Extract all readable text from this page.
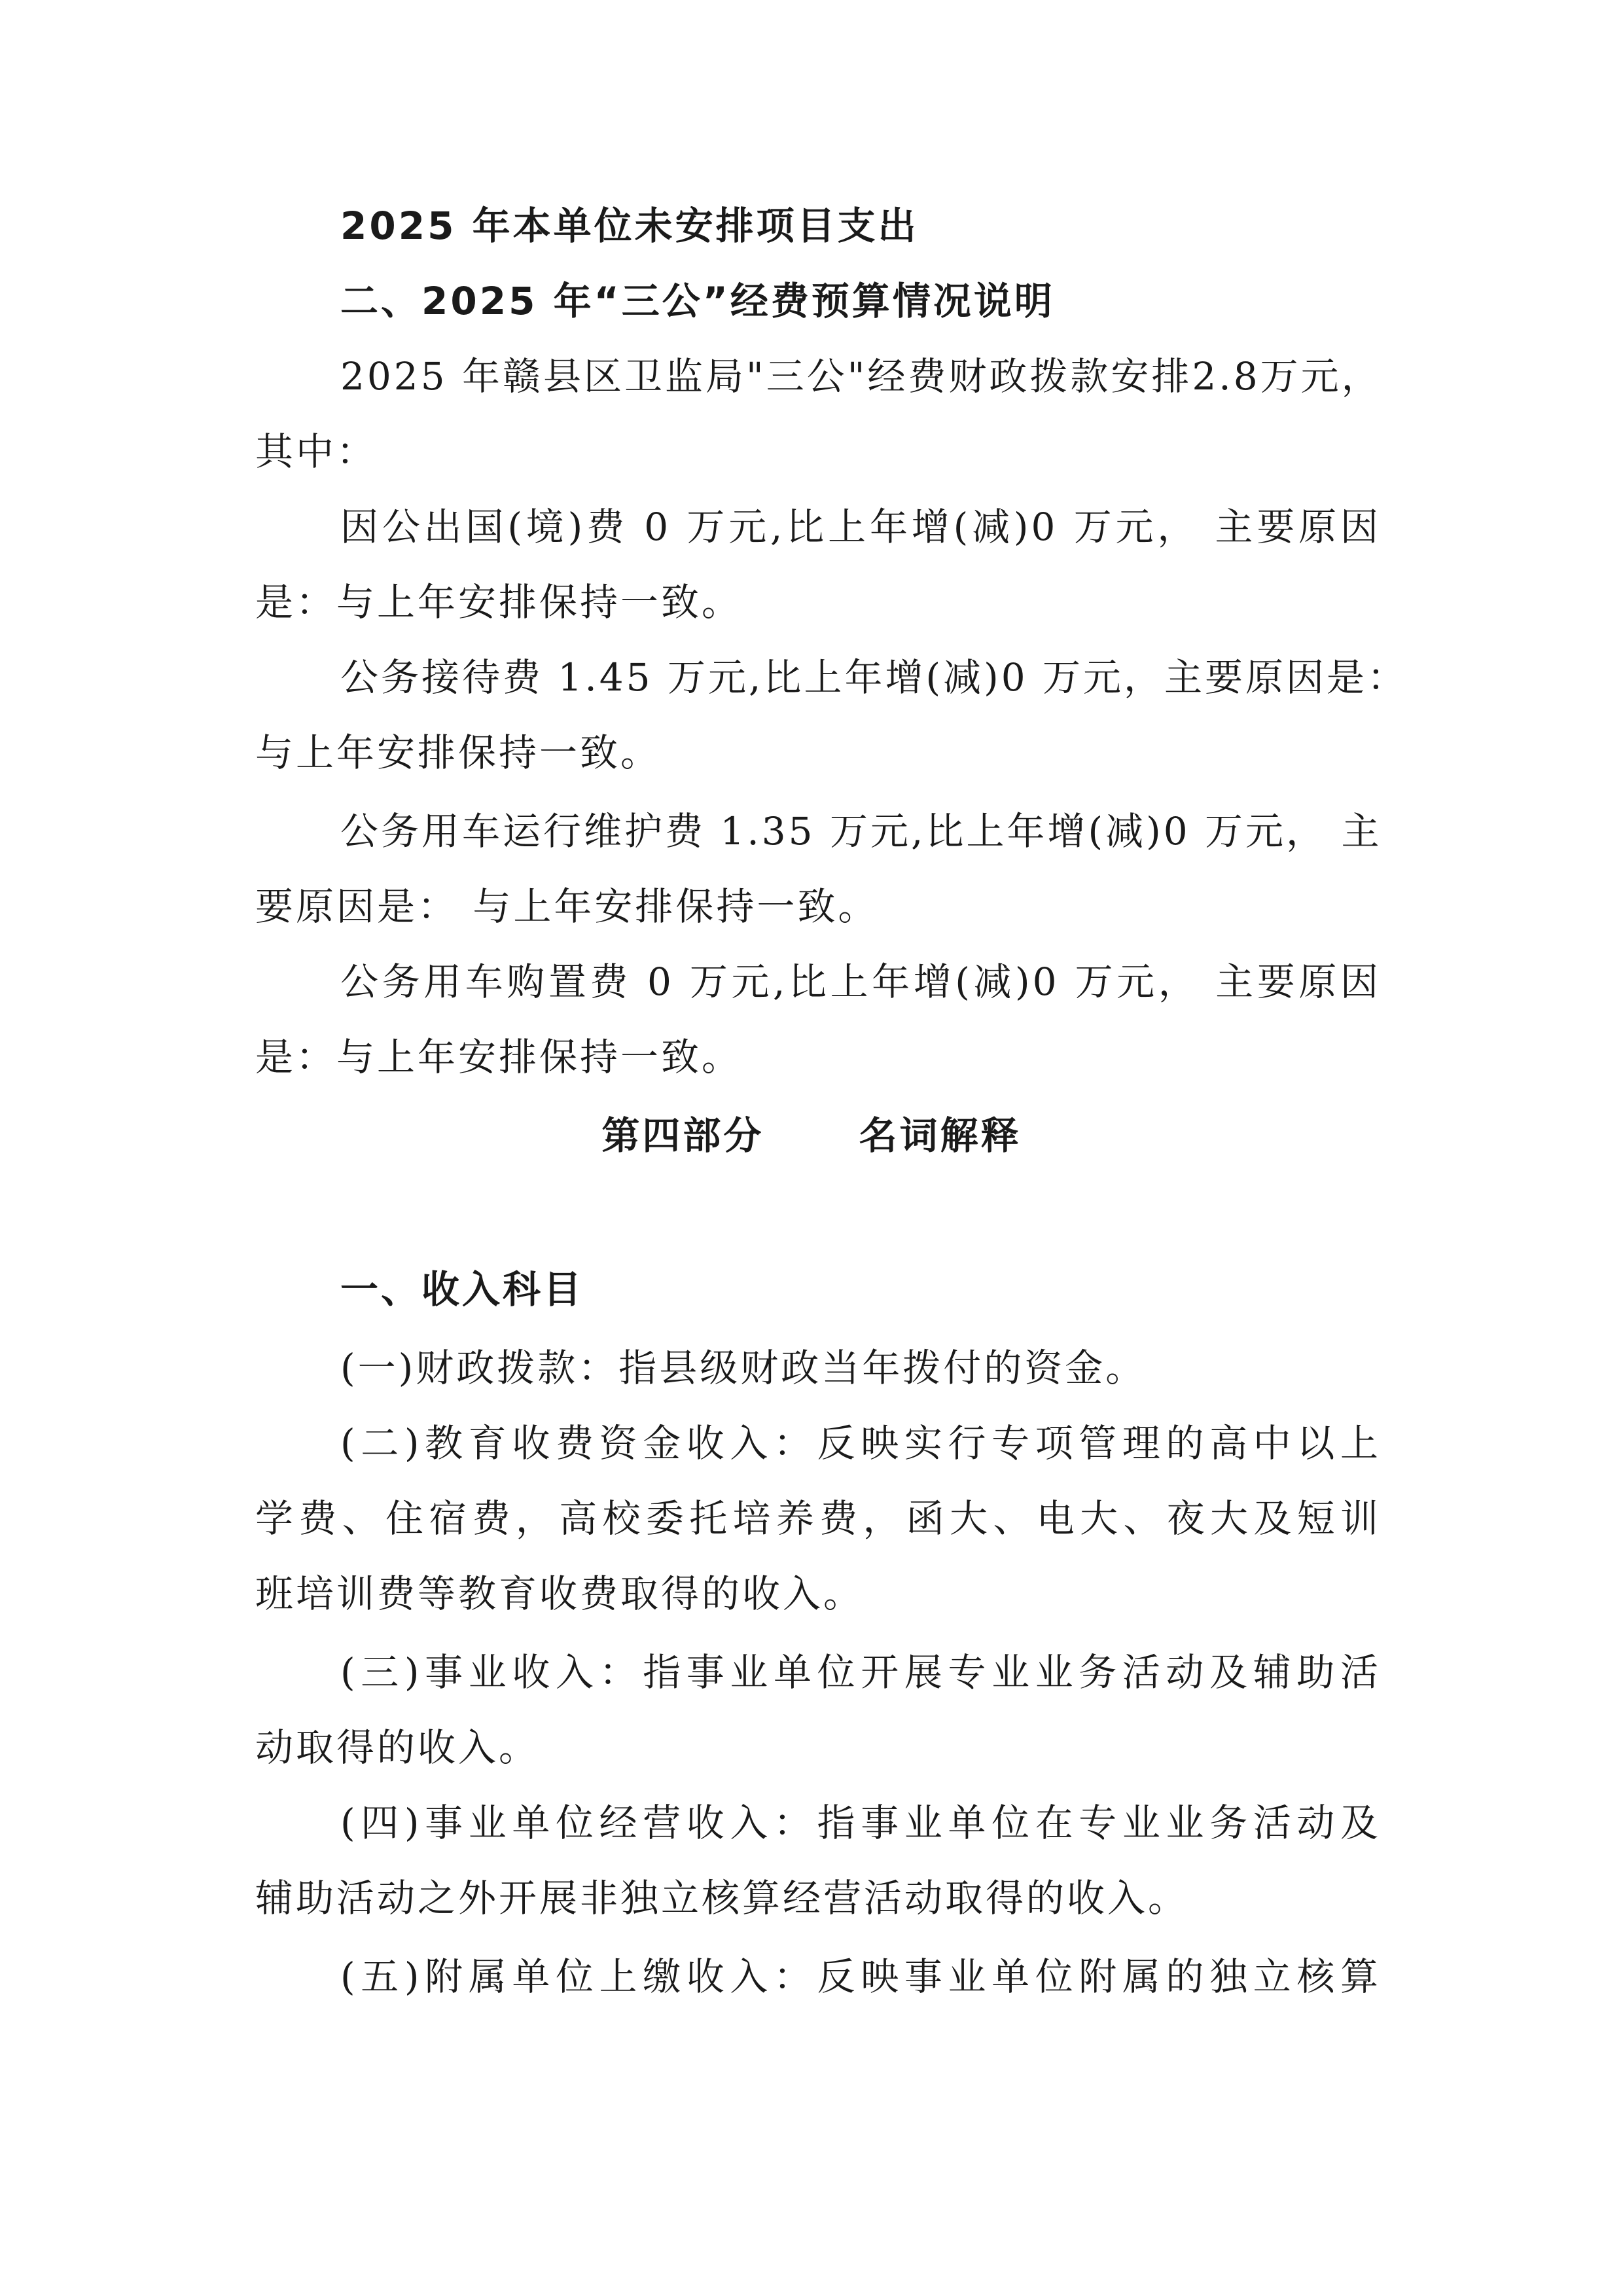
2025 年本单位未安排项目支出
二、2025 年“三公”经费预算情况说明
2025 年赣县区卫监局"三公"经费财政拨款安排2.8万元，
其中：
因公出国(境)费 0 万元,比上年增(减)0 万元， 主要原因
是：与上年安排保持一致。
公务接待费 1.45 万元,比上年增(减)0 万元，主要原因是：
与上年安排保持一致。
公务用车运行维护费 1.35 万元,比上年增(减)0 万元， 主
要原因是： 与上年安排保持一致。
公务用车购置费 0 万元,比上年增(减)0 万元， 主要原因
是：与上年安排保持一致。
第四部分      名词解释
一、收入科目
(一)财政拨款：指县级财政当年拨付的资金。
(二)教育收费资金收入：反映实行专项管理的高中以上
学费、住宿费，高校委托培养费，函大、电大、夜大及短训
班培训费等教育收费取得的收入。
(三)事业收入：指事业单位开展专业业务活动及辅助活
动取得的收入。
(四)事业单位经营收入：指事业单位在专业业务活动及
辅助活动之外开展非独立核算经营活动取得的收入。
(五)附属单位上缴收入：反映事业单位附属的独立核算
